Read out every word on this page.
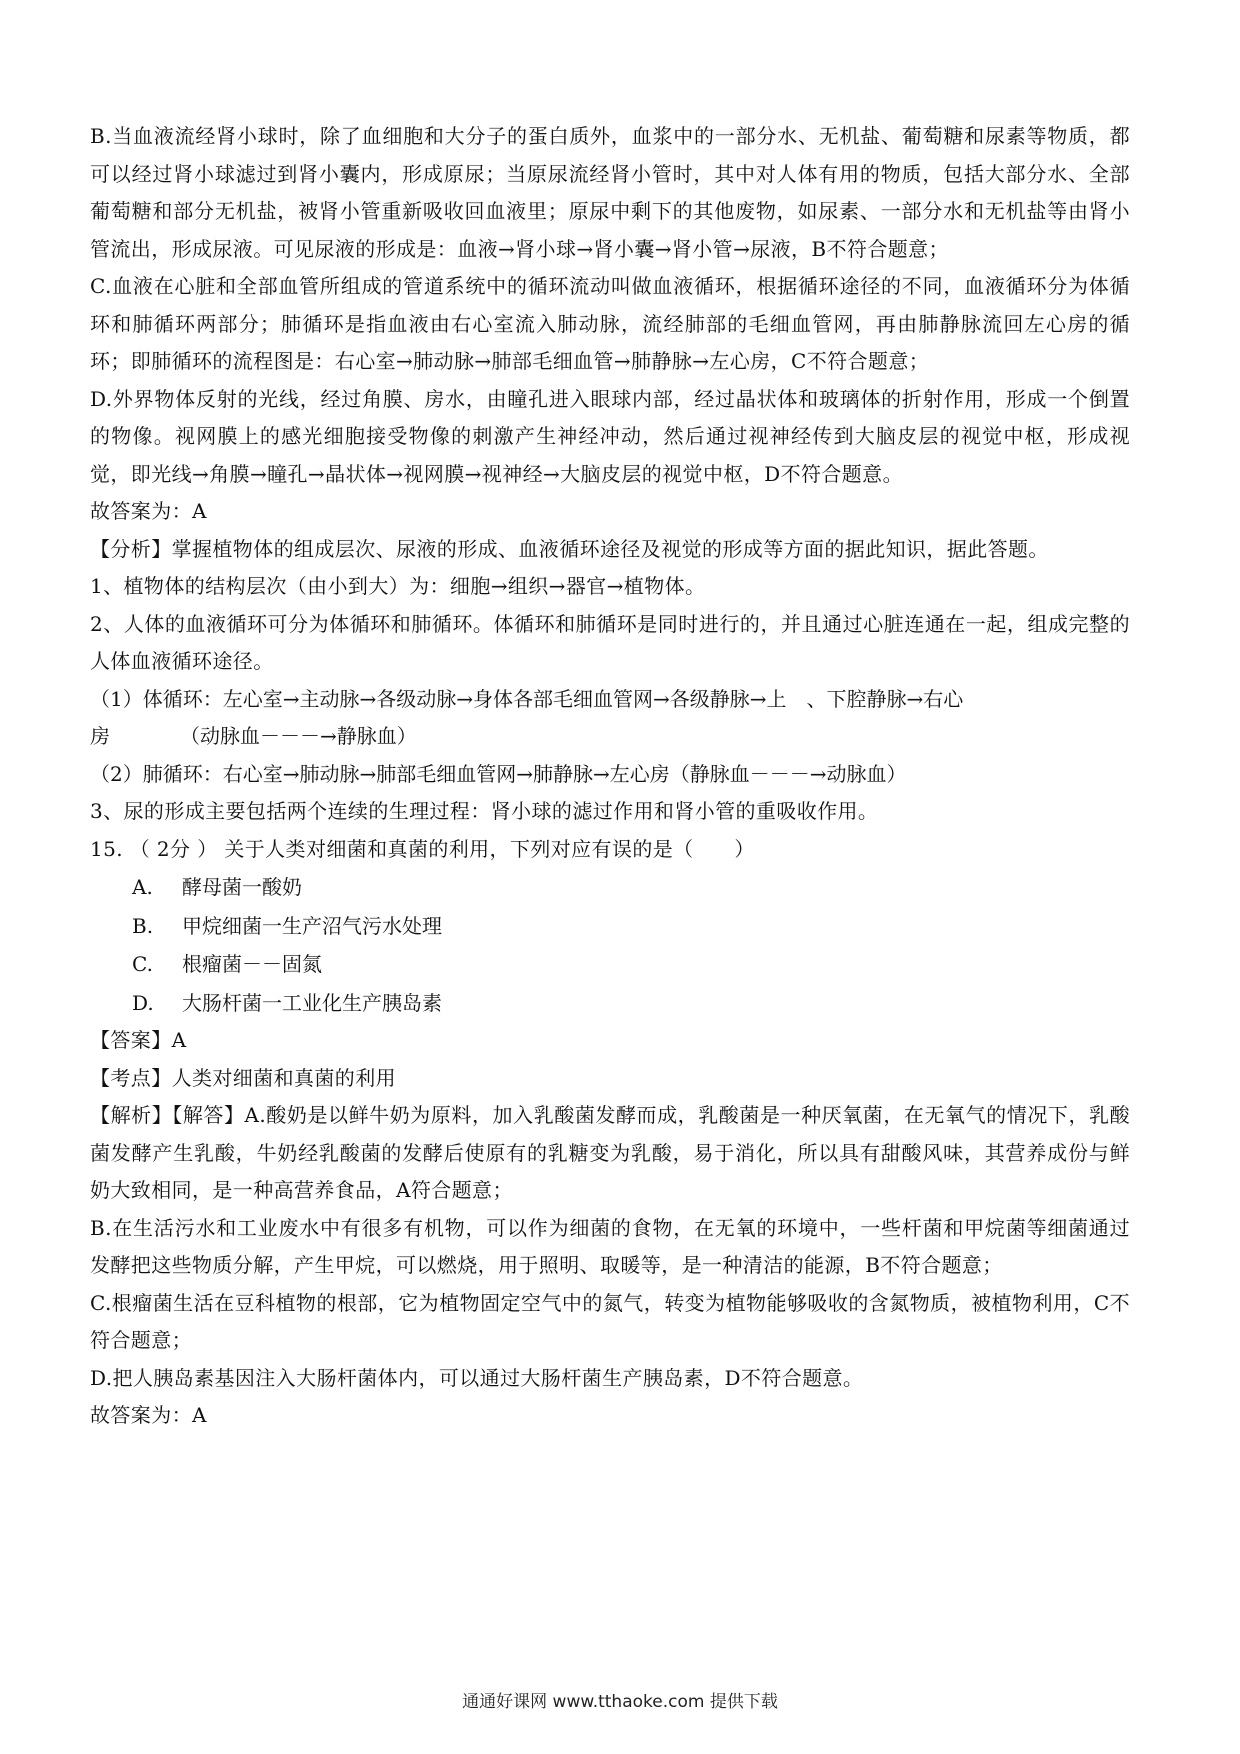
B.当血液流经肾小球时，除了血细胞和大分子的蛋白质外，血浆中的一部分水、无机盐、葡萄糖和尿素等物质，都可以经过肾小球滤过到肾小囊内，形成原尿；当原尿流经肾小管时，其中对人体有用的物质，包括大部分水、全部葡萄糖和部分无机盐，被肾小管重新吸收回血液里；原尿中剩下的其他废物，如尿素、一部分水和无机盐等由肾小管流出，形成尿液。可见尿液的形成是：血液→肾小球→肾小囊→肾小管→尿液，B不符合题意；

C.血液在心脏和全部血管所组成的管道系统中的循环流动叫做血液循环，根据循环途径的不同，血液循环分为体循环和肺循环两部分；肺循环是指血液由右心室流入肺动脉，流经肺部的毛细血管网，再由肺静脉流回左心房的循环；即肺循环的流程图是：右心室→肺动脉→肺部毛细血管→肺静脉→左心房，C不符合题意；

D.外界物体反射的光线，经过角膜、房水，由瞳孔进入眼球内部，经过晶状体和玻璃体的折射作用，形成一个倒置的物像。视网膜上的感光细胞接受物像的刺激产生神经冲动，然后通过视神经传到大脑皮层的视觉中枢，形成视觉，即光线→角膜→瞳孔→晶状体→视网膜→视神经→大脑皮层的视觉中枢，D不符合题意。

故答案为：A

【分析】掌握植物体的组成层次、尿液的形成、血液循环途径及视觉的形成等方面的据此知识，据此答题。

1、植物体的结构层次（由小到大）为：细胞→组织→器官→植物体。

2、人体的血液循环可分为体循环和肺循环。体循环和肺循环是同时进行的，并且通过心脏连通在一起，组成完整的人体血液循环途径。

（1）体循环：左心室→主动脉→各级动脉→身体各部毛细血管网→各级静脉→上　、下腔静脉→右心
房	（动脉血－－－→静脉血）

（2）肺循环：右心室→肺动脉→肺部毛细血管网→肺静脉→左心房（静脉血－－－→动脉血）

3、尿的形成主要包括两个连续的生理过程：肾小球的滤过作用和肾小管的重吸收作用。

15. （ 2分 ） 关于人类对细菌和真菌的利用，下列对应有误的是（　　）

A. 酵母菌一酸奶

B. 甲烷细菌一生产沼气污水处理

C. 根瘤菌－－固氮

D. 大肠杆菌一工业化生产胰岛素

【答案】A

【考点】人类对细菌和真菌的利用

【解析】【解答】A.酸奶是以鲜牛奶为原料，加入乳酸菌发酵而成，乳酸菌是一种厌氧菌，在无氧气的情况下，乳酸菌发酵产生乳酸，牛奶经乳酸菌的发酵后使原有的乳糖变为乳酸，易于消化，所以具有甜酸风味，其营养成份与鲜奶大致相同，是一种高营养食品，A符合题意；

B.在生活污水和工业废水中有很多有机物，可以作为细菌的食物，在无氧的环境中，一些杆菌和甲烷菌等细菌通过发酵把这些物质分解，产生甲烷，可以燃烧，用于照明、取暖等，是一种清洁的能源，B不符合题意；

C.根瘤菌生活在豆科植物的根部，它为植物固定空气中的氮气，转变为植物能够吸收的含氮物质，被植物利用，C不符合题意；

D.把人胰岛素基因注入大肠杆菌体内，可以通过大肠杆菌生产胰岛素，D不符合题意。

故答案为：A

通通好课网 www.tthaoke.com 提供下载
